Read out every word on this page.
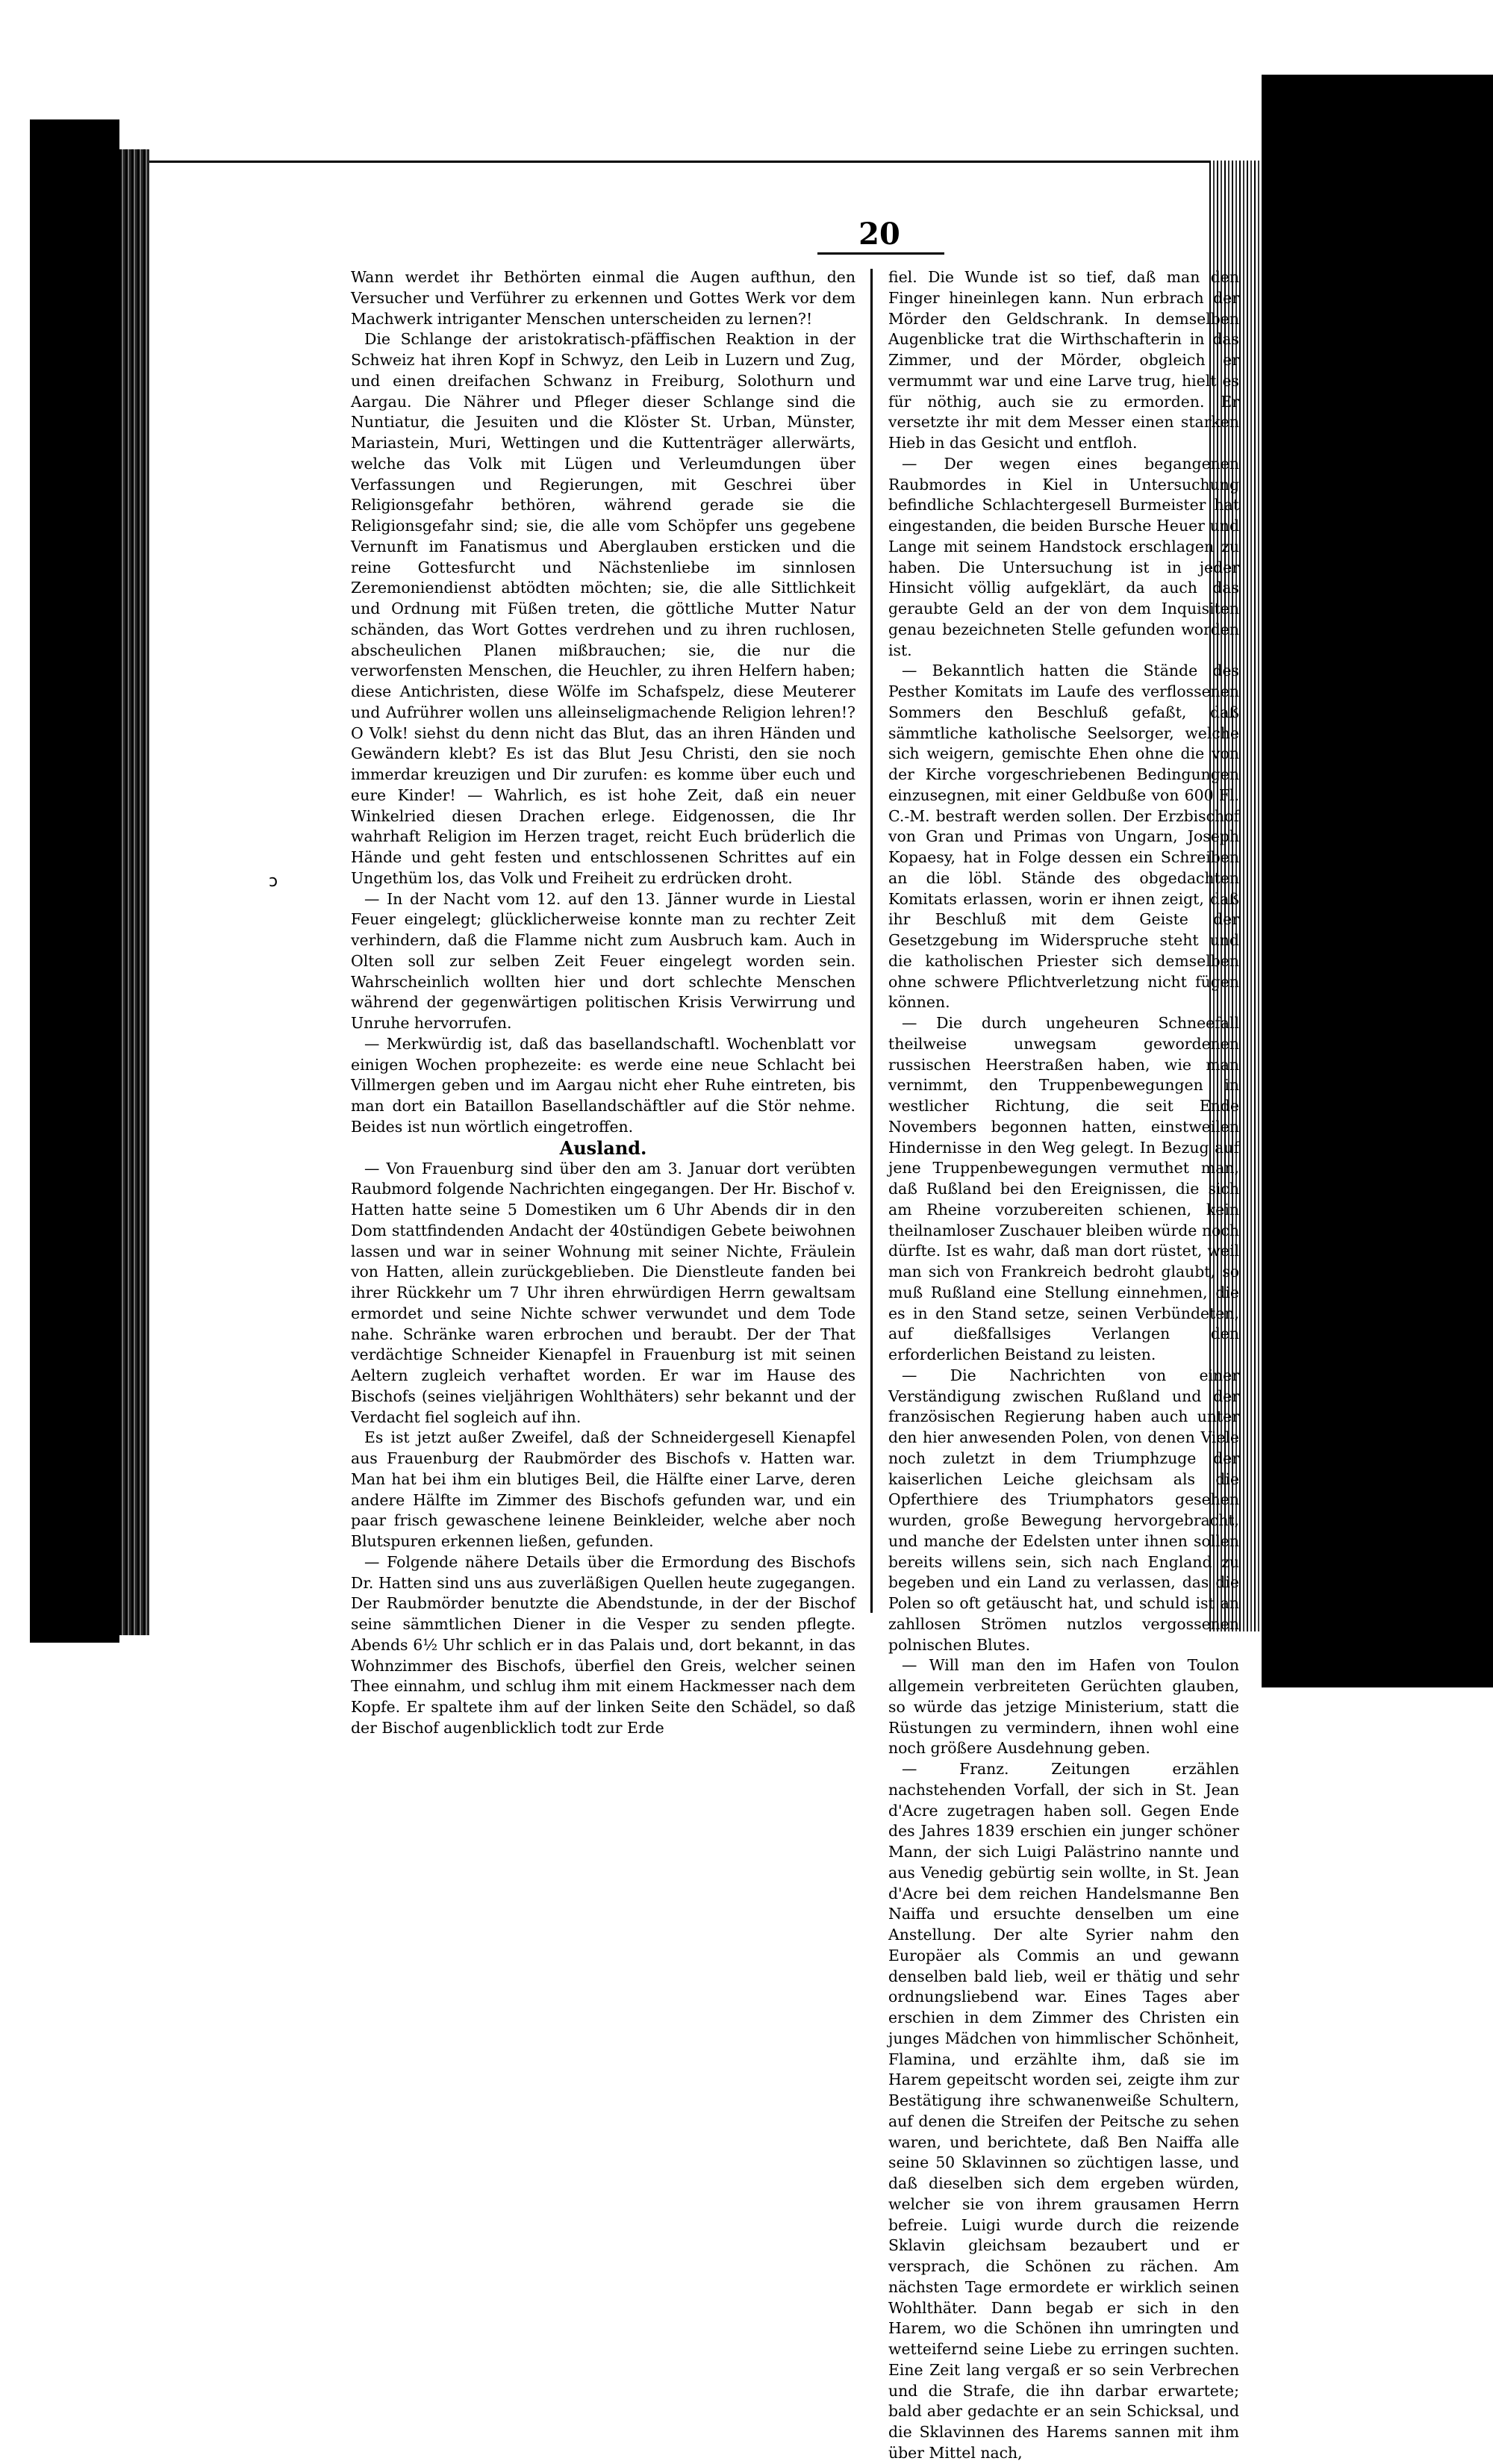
20
ↄ

Wann werdet ihr Bethörten einmal die Augen aufthun, den Versucher und Verführer zu erkennen und Gottes Werk vor dem Machwerk intriganter Menschen unterscheiden zu lernen?!

Die Schlange der aristokratisch-pfäffischen Reaktion in der Schweiz hat ihren Kopf in Schwyz, den Leib in Luzern und Zug, und einen dreifachen Schwanz in Freiburg, Solothurn und Aargau. Die Nährer und Pfleger dieser Schlange sind die Nuntiatur, die Jesuiten und die Klöster St. Urban, Münster, Mariastein, Muri, Wettingen und die Kuttenträger allerwärts, welche das Volk mit Lügen und Verleumdungen über Verfassungen und Regierungen, mit Geschrei über Religionsgefahr bethören, während gerade sie die Religionsgefahr sind; sie, die alle vom Schöpfer uns gegebene Vernunft im Fanatismus und Aberglauben ersticken und die reine Gottesfurcht und Nächstenliebe im sinnlosen Zeremoniendienst abtödten möchten; sie, die alle Sittlichkeit und Ordnung mit Füßen treten, die göttliche Mutter Natur schänden, das Wort Gottes verdrehen und zu ihren ruchlosen, abscheulichen Planen mißbrauchen; sie, die nur die verworfensten Menschen, die Heuchler, zu ihren Helfern haben; diese Antichristen, diese Wölfe im Schafspelz, diese Meuterer und Aufrührer wollen uns alleinseligmachende Religion lehren!? O Volk! siehst du denn nicht das Blut, das an ihren Händen und Gewändern klebt? Es ist das Blut Jesu Christi, den sie noch immerdar kreuzigen und Dir zurufen: es komme über euch und eure Kinder! — Wahrlich, es ist hohe Zeit, daß ein neuer Winkelried diesen Drachen erlege. Eidgenossen, die Ihr wahrhaft Religion im Herzen traget, reicht Euch brüderlich die Hände und geht festen und entschlossenen Schrittes auf ein Ungethüm los, das Volk und Freiheit zu erdrücken droht.

— In der Nacht vom 12. auf den 13. Jänner wurde in Liestal Feuer eingelegt; glücklicherweise konnte man zu rechter Zeit verhindern, daß die Flamme nicht zum Ausbruch kam. Auch in Olten soll zur selben Zeit Feuer eingelegt worden sein. Wahrscheinlich wollten hier und dort schlechte Menschen während der gegenwärtigen politischen Krisis Verwirrung und Unruhe hervorrufen.

— Merkwürdig ist, daß das basellandschaftl. Wochenblatt vor einigen Wochen prophezeite: es werde eine neue Schlacht bei Villmergen geben und im Aargau nicht eher Ruhe eintreten, bis man dort ein Bataillon Basellandschäftler auf die Stör nehme. Beides ist nun wörtlich eingetroffen.

Ausland.

— Von Frauenburg sind über den am 3. Januar dort verübten Raubmord folgende Nachrichten eingegangen. Der Hr. Bischof v. Hatten hatte seine 5 Domestiken um 6 Uhr Abends dir in den Dom stattfindenden Andacht der 40stündigen Gebete beiwohnen lassen und war in seiner Wohnung mit seiner Nichte, Fräulein von Hatten, allein zurückgeblieben. Die Dienstleute fanden bei ihrer Rückkehr um 7 Uhr ihren ehrwürdigen Herrn gewaltsam ermordet und seine Nichte schwer verwundet und dem Tode nahe. Schränke waren erbrochen und beraubt. Der der That verdächtige Schneider Kienapfel in Frauenburg ist mit seinen Aeltern zugleich verhaftet worden. Er war im Hause des Bischofs (seines vieljährigen Wohlthäters) sehr bekannt und der Verdacht fiel sogleich auf ihn.

Es ist jetzt außer Zweifel, daß der Schneidergesell Kienapfel aus Frauenburg der Raubmörder des Bischofs v. Hatten war. Man hat bei ihm ein blutiges Beil, die Hälfte einer Larve, deren andere Hälfte im Zimmer des Bischofs gefunden war, und ein paar frisch gewaschene leinene Beinkleider, welche aber noch Blutspuren erkennen ließen, gefunden.

— Folgende nähere Details über die Ermordung des Bischofs Dr. Hatten sind uns aus zuverläßigen Quellen heute zugegangen. Der Raubmörder benutzte die Abendstunde, in der der Bischof seine sämmtlichen Diener in die Vesper zu senden pflegte. Abends 6½ Uhr schlich er in das Palais und, dort bekannt, in das Wohnzimmer des Bischofs, überfiel den Greis, welcher seinen Thee einnahm, und schlug ihm mit einem Hackmesser nach dem Kopfe. Er spaltete ihm auf der linken Seite den Schädel, so daß der Bischof augenblicklich todt zur Erde

fiel. Die Wunde ist so tief, daß man den Finger hineinlegen kann. Nun erbrach der Mörder den Geldschrank. In demselben Augenblicke trat die Wirthschafterin in das Zimmer, und der Mörder, obgleich er vermummt war und eine Larve trug, hielt es für nöthig, auch sie zu ermorden. Er versetzte ihr mit dem Messer einen starken Hieb in das Gesicht und entfloh.

— Der wegen eines begangenen Raubmordes in Kiel in Untersuchung befindliche Schlachtergesell Burmeister hat eingestanden, die beiden Bursche Heuer und Lange mit seinem Handstock erschlagen zu haben. Die Untersuchung ist in jeder Hinsicht völlig aufgeklärt, da auch das geraubte Geld an der von dem Inquisiten genau bezeichneten Stelle gefunden worden ist.

— Bekanntlich hatten die Stände des Pesther Komitats im Laufe des verflossenen Sommers den Beschluß gefaßt, daß sämmtliche katholische Seelsorger, welche sich weigern, gemischte Ehen ohne die von der Kirche vorgeschriebenen Bedingungen einzusegnen, mit einer Geldbuße von 600 Fl. C.-M. bestraft werden sollen. Der Erzbischof von Gran und Primas von Ungarn, Joseph Kopaesy, hat in Folge dessen ein Schreiben an die löbl. Stände des obgedachten Komitats erlassen, worin er ihnen zeigt, daß ihr Beschluß mit dem Geiste der Gesetzgebung im Widerspruche steht und die katholischen Priester sich demselben ohne schwere Pflichtverletzung nicht fügen können.

— Die durch ungeheuren Schneefall theilweise unwegsam gewordenen russischen Heerstraßen haben, wie man vernimmt, den Truppenbewegungen in westlicher Richtung, die seit Ende Novembers begonnen hatten, einstweilen Hindernisse in den Weg gelegt. In Bezug auf jene Truppenbewegungen vermuthet man, daß Rußland bei den Ereignissen, die sich am Rheine vorzubereiten schienen, kein theilnamloser Zuschauer bleiben würde noch dürfte. Ist es wahr, daß man dort rüstet, weil man sich von Frankreich bedroht glaubt, so muß Rußland eine Stellung einnehmen, die es in den Stand setze, seinen Verbündeten, auf dießfallsiges Verlangen den erforderlichen Beistand zu leisten.

— Die Nachrichten von einer Verständigung zwischen Rußland und der französischen Regierung haben auch unter den hier anwesenden Polen, von denen Viele noch zuletzt in dem Triumphzuge der kaiserlichen Leiche gleichsam als die Opferthiere des Triumphators gesehen wurden, große Bewegung hervorgebracht, und manche der Edelsten unter ihnen sollen bereits willens sein, sich nach England zu begeben und ein Land zu verlassen, das die Polen so oft getäuscht hat, und schuld ist an zahllosen Strömen nutzlos vergossenen polnischen Blutes.

— Will man den im Hafen von Toulon allgemein verbreiteten Gerüchten glauben, so würde das jetzige Ministerium, statt die Rüstungen zu vermindern, ihnen wohl eine noch größere Ausdehnung geben.

— Franz. Zeitungen erzählen nachstehenden Vorfall, der sich in St. Jean d'Acre zugetragen haben soll. Gegen Ende des Jahres 1839 erschien ein junger schöner Mann, der sich Luigi Palästrino nannte und aus Venedig gebürtig sein wollte, in St. Jean d'Acre bei dem reichen Handelsmanne Ben Naiffa und ersuchte denselben um eine Anstellung. Der alte Syrier nahm den Europäer als Commis an und gewann denselben bald lieb, weil er thätig und sehr ordnungsliebend war. Eines Tages aber erschien in dem Zimmer des Christen ein junges Mädchen von himmlischer Schönheit, Flamina, und erzählte ihm, daß sie im Harem gepeitscht worden sei, zeigte ihm zur Bestätigung ihre schwanenweiße Schultern, auf denen die Streifen der Peitsche zu sehen waren, und berichtete, daß Ben Naiffa alle seine 50 Sklavinnen so züchtigen lasse, und daß dieselben sich dem ergeben würden, welcher sie von ihrem grausamen Herrn befreie. Luigi wurde durch die reizende Sklavin gleichsam bezaubert und er versprach, die Schönen zu rächen. Am nächsten Tage ermordete er wirklich seinen Wohlthäter. Dann begab er sich in den Harem, wo die Schönen ihn umringten und wetteifernd seine Liebe zu erringen suchten. Eine Zeit lang vergaß er so sein Verbrechen und die Strafe, die ihn darbar erwartete; bald aber gedachte er an sein Schicksal, und die Sklavinnen des Harems sannen mit ihm über Mittel nach,
